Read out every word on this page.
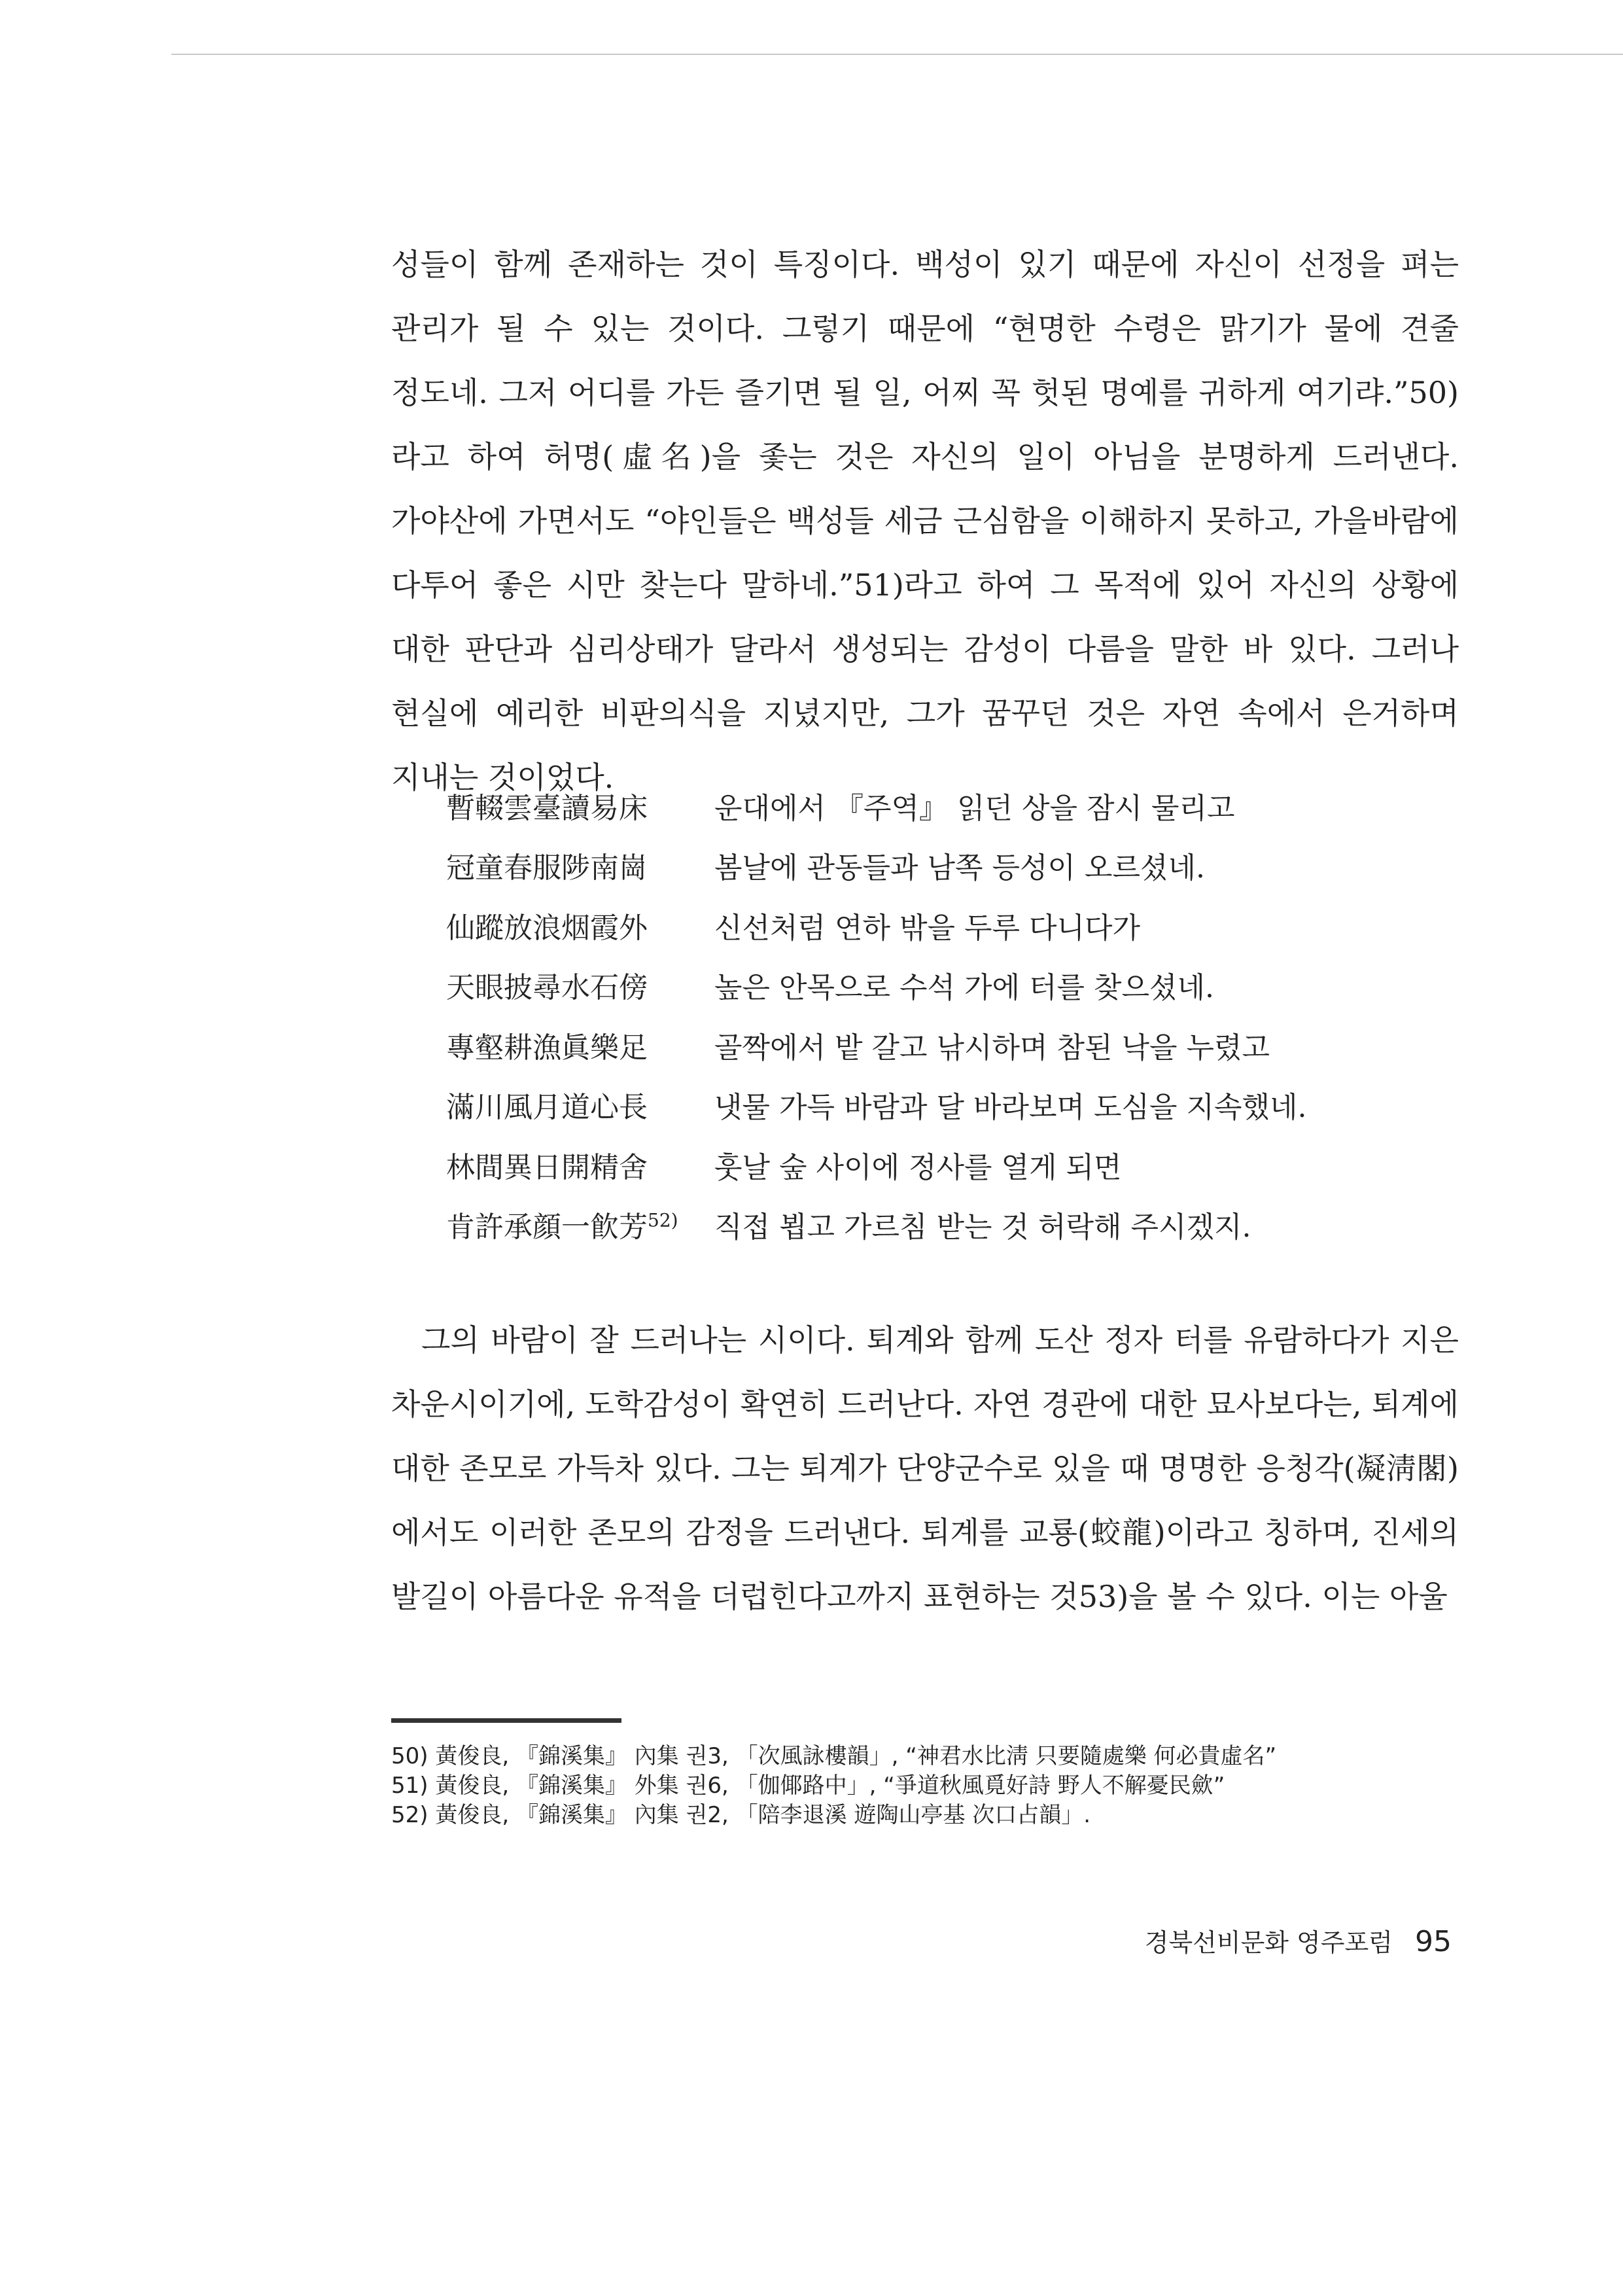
성들이 함께 존재하는 것이 특징이다. 백성이 있기 때문에 자신이 선정을 펴는 관리가 될 수 있는 것이다. 그렇기 때문에 “현명한 수령은 맑기가 물에 견줄 정도네. 그저 어디를 가든 즐기면 될 일, 어찌 꼭 헛된 명예를 귀하게 여기랴.”50)라고 하여 허명(虛名)을 좇는 것은 자신의 일이 아님을 분명하게 드러낸다. 가야산에 가면서도 “야인들은 백성들 세금 근심함을 이해하지 못하고, 가을바람에 다투어 좋은 시만 찾는다 말하네.”51)라고 하여 그 목적에 있어 자신의 상황에 대한 판단과 심리상태가 달라서 생성되는 감성이 다름을 말한 바 있다. 그러나 현실에 예리한 비판의식을 지녔지만, 그가 꿈꾸던 것은 자연 속에서 은거하며 지내는 것이었다.

暫輟雲臺讀易床	운대에서 『주역』 읽던 상을 잠시 물리고
冠童春服陟南崗	봄날에 관동들과 남쪽 등성이 오르셨네.
仙蹤放浪烟霞外	신선처럼 연하 밖을 두루 다니다가
天眼披尋水石傍	높은 안목으로 수석 가에 터를 찾으셨네.
專壑耕漁眞樂足	골짝에서 밭 갈고 낚시하며 참된 낙을 누렸고
滿川風月道心長	냇물 가득 바람과 달 바라보며 도심을 지속했네.
林間異日開精舍	훗날 숲 사이에 정사를 열게 되면
肯許承顔一飮芳$^{52)}$	직접 뵙고 가르침 받는 것 허락해 주시겠지.

그의 바람이 잘 드러나는 시이다. 퇴계와 함께 도산 정자 터를 유람하다가 지은 차운시이기에, 도학감성이 확연히 드러난다. 자연 경관에 대한 묘사보다는, 퇴계에 대한 존모로 가득차 있다. 그는 퇴계가 단양군수로 있을 때 명명한 응청각(凝淸閣)에서도 이러한 존모의 감정을 드러낸다. 퇴계를 교룡(蛟龍)이라고 칭하며, 진세의 발길이 아름다운 유적을 더럽힌다고까지 표현하는 것53)을 볼 수 있다. 이는 아울

50) 黃俊良, 『錦溪集』 內集 권3, 「次風詠樓韻」, “神君水比淸 只要隨處樂 何必貴虛名”
51) 黃俊良, 『錦溪集』 外集 권6, 「伽倻路中」, “爭道秋風覓好詩 野人不解憂民歛”
52) 黃俊良, 『錦溪集』 內集 권2, 「陪李退溪 遊陶山亭基 次口占韻」.
경북선비문화 영주포럼 95
